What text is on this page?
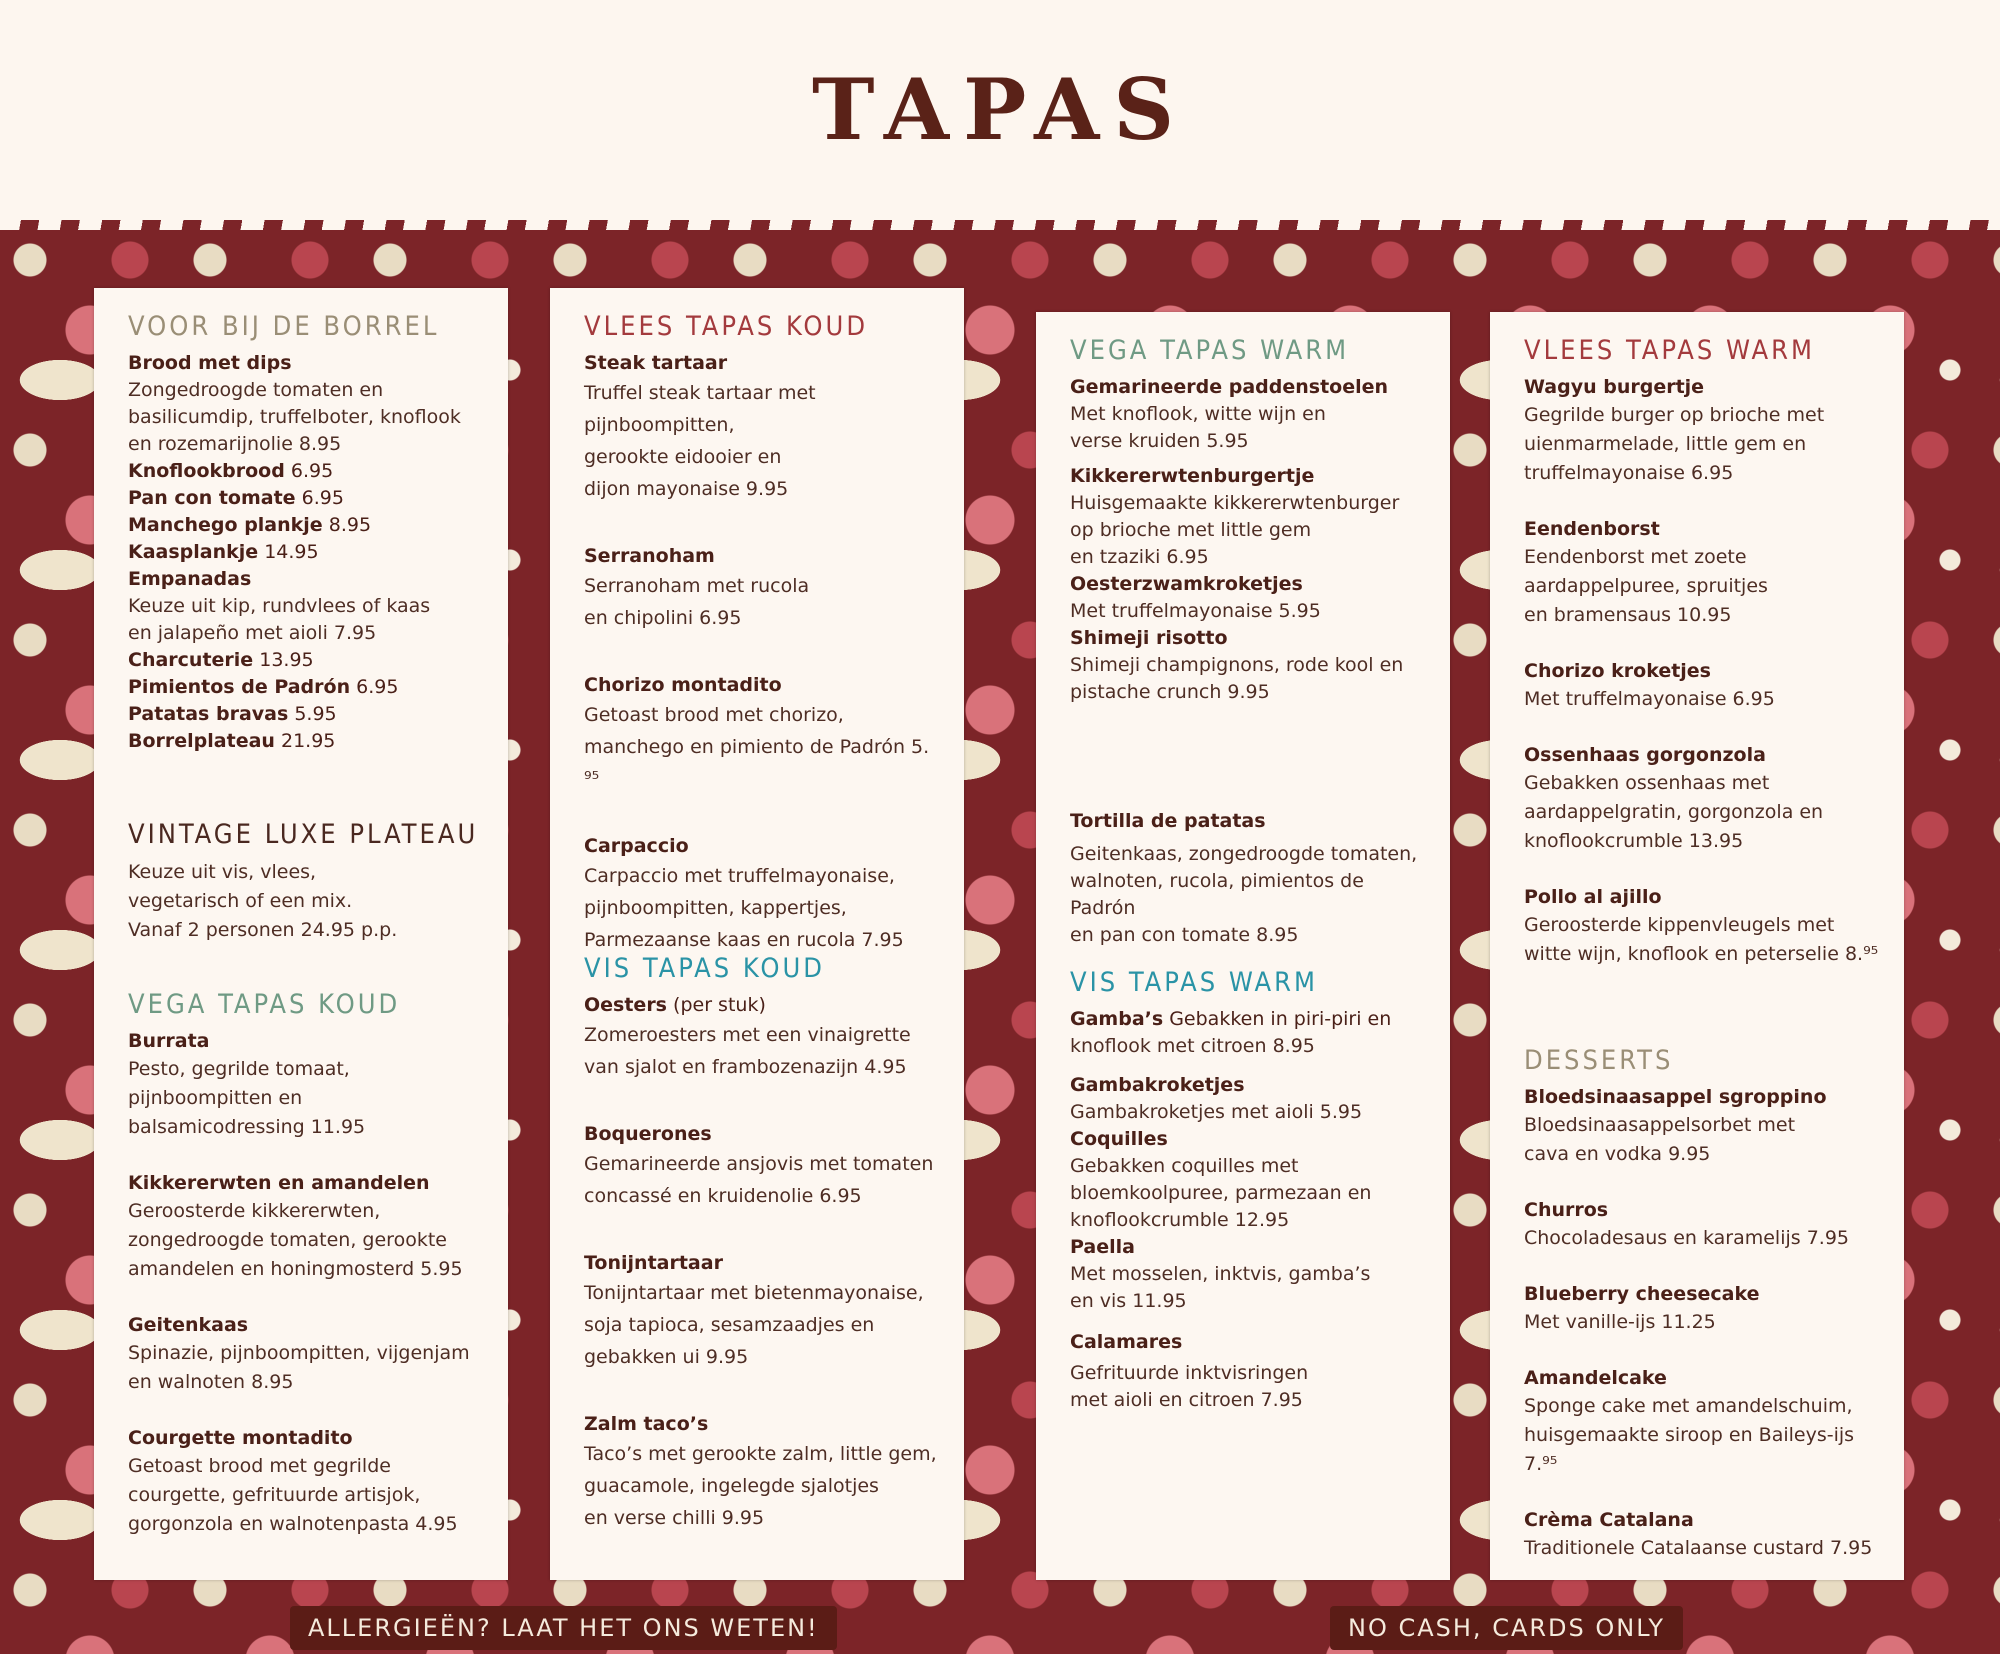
TAPAS
VOOR BIJ DE BORREL

Brood met dips

Zongedroogde tomaten en
basilicumdip, truffelboter, knoflook
en rozemarijnolie 8.95

Knoflookbrood 6.95

Pan con tomate 6.95

Manchego plankje 8.95

Kaasplankje 14.95

Empanadas

Keuze uit kip, rundvlees of kaas
en jalapeño met aioli 7.95

Charcuterie 13.95

Pimientos de Padrón 6.95

Patatas bravas 5.95

Borrelplateau 21.95

VINTAGE LUXE PLATEAU

Keuze uit vis, vlees,
vegetarisch of een mix.
Vanaf 2 personen 24.95 p.p.

VEGA TAPAS KOUD

Burrata

Pesto, gegrilde tomaat,
pijnboompitten en
balsamicodressing 11.95

Kikkererwten en amandelen

Geroosterde kikkererwten,
zongedroogde tomaten, gerookte
amandelen en honingmosterd 5.95

Geitenkaas

Spinazie, pijnboompitten, vijgenjam
en walnoten 8.95

Courgette montadito

Getoast brood met gegrilde
courgette, gefrituurde artisjok,
gorgonzola en walnotenpasta 4.95

VLEES TAPAS KOUD

Steak tartaar

Truffel steak tartaar met pijnboompitten,
gerookte eidooier en
dijon mayonaise 9.95

Serranoham

Serranoham met rucola
en chipolini 6.95

Chorizo montadito

Getoast brood met chorizo,
manchego en pimiento de Padrón 5. ⁹⁵

Carpaccio

Carpaccio met truffelmayonaise,
pijnboompitten, kappertjes,
Parmezaanse kaas en rucola 7.95

VIS TAPAS KOUD

Oesters (per stuk)

Zomeroesters met een vinaigrette
van sjalot en frambozenazijn 4.95

Boquerones

Gemarineerde ansjovis met tomaten
concassé en kruidenolie 6.95

Tonijntartaar

Tonijntartaar met bietenmayonaise,
soja tapioca, sesamzaadjes en
gebakken ui 9.95

Zalm taco’s

Taco’s met gerookte zalm, little gem,
guacamole, ingelegde sjalotjes
en verse chilli 9.95

VEGA TAPAS WARM

Gemarineerde paddenstoelen

Met knoflook, witte wijn en
verse kruiden 5.95

Kikkererwtenburgertje

Huisgemaakte kikkererwtenburger
op brioche met little gem
en tzaziki 6.95

Oesterzwamkroketjes

Met truffelmayonaise 5.95

Shimeji risotto

Shimeji champignons, rode kool en
pistache crunch 9.95

Tortilla de patatas

Geitenkaas, zongedroogde tomaten,
walnoten, rucola, pimientos de Padrón
en pan con tomate 8.95

VIS TAPAS WARM

Gamba’s Gebakken in piri-piri en

knoflook met citroen 8.95

Gambakroketjes

Gambakroketjes met aioli 5.95

Coquilles

Gebakken coquilles met
bloemkoolpuree, parmezaan en
knoflookcrumble 12.95

Paella

Met mosselen, inktvis, gamba’s
en vis 11.95

Calamares

Gefrituurde inktvisringen
met aioli en citroen 7.95

VLEES TAPAS WARM

Wagyu burgertje

Gegrilde burger op brioche met
uienmarmelade, little gem en
truffelmayonaise 6.95

Eendenborst

Eendenborst met zoete
aardappelpuree, spruitjes
en bramensaus 10.95

Chorizo kroketjes

Met truffelmayonaise 6.95

Ossenhaas gorgonzola

Gebakken ossenhaas met
aardappelgratin, gorgonzola en
knoflookcrumble 13.95

Pollo al ajillo

Geroosterde kippenvleugels met
witte wijn, knoflook en peterselie 8.⁹⁵

DESSERTS

Bloedsinaasappel sgroppino

Bloedsinaasappelsorbet met
cava en vodka 9.95

Churros

Chocoladesaus en karamelijs 7.95

Blueberry cheesecake

Met vanille-ijs 11.25

Amandelcake

Sponge cake met amandelschuim,
huisgemaakte siroop en Baileys-ijs 7.⁹⁵

Crèma Catalana

Traditionele Catalaanse custard 7.95

ALLERGIEËN? LAAT HET ONS WETEN!	NO CASH, CARDS ONLY
